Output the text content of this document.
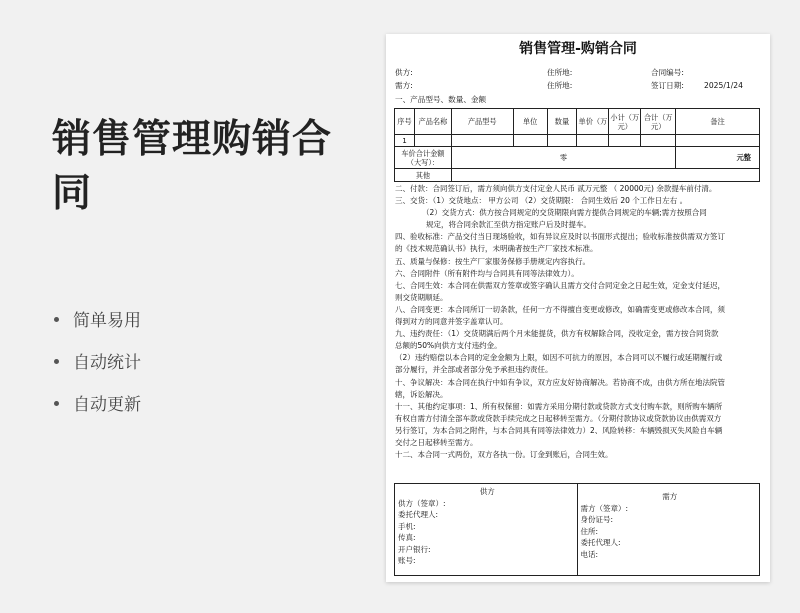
销售管理购销合同
简单易用
自动统计
自动更新
销售管理-购销合同
供方:	住所地:	合同编号:
需方:	住所地:	签订日期:	2025/1/24
一、产品型号、数量、金额
序号	产品名称	产品型号	单位	数量	单价（万	小计（万元）	合计（万元）	备注
1								
车价合计金额（大写）：		零						元整
其他								

二、付款：合同签订后，需方须向供方支付定金人民币 贰万元整 （ 20000元) 余款提车前付清。

三、交货：（1）交货地点： 甲方公司 （2）交货期限： 合同生效后 20 个工作日左右 。

（2）交货方式：供方按合同规定的交货期限向需方提供合同规定的车辆;需方按照合同

规定，将合同余款汇至供方指定账户后及时提车。

四、验收标准：产品交付当日现场验收，如有异议应及时以书面形式提出；验收标准按供需双方签订

的《技术规范确认书》执行，未明确者按生产厂家技术标准。

五、质量与保修：按生产厂家服务保修手册规定内容执行。

六、合同附件（所有附件均与合同具有同等法律效力）。

七、合同生效：本合同在供需双方签章或签字确认且需方交付合同定金之日起生效，定金支付延迟，

则交货期顺延。

八、合同变更：本合同所订一切条款，任何一方不得擅自变更或修改，如确需变更或修改本合同，须

得到对方的同意并签字盖章认可。

九、违约责任：（1）交货期满后两个月未能提货，供方有权解除合同，没收定金，需方按合同货款

总额的50%向供方支付违约金。

（2）违约赔偿以本合同的定金金额为上限，如因不可抗力的原因，本合同可以不履行或延期履行或

部分履行，并全部或者部分免予承担违约责任。

十、争议解决：本合同在执行中如有争议，双方应友好协商解决。若协商不成，由供方所在地法院管

辖，诉讼解决。

十一、其他约定事项：1、所有权保留：如需方采用分期付款或贷款方式支付购车款，则所购车辆所

有权自需方付清全部车款或贷款手续完成之日起移转至需方。（分期付款协议或贷款协议由供需双方

另行签订，为本合同之附件，与本合同具有同等法律效力）2、风险转移：车辆毁损灭失风险自车辆

交付之日起移转至需方。

十二、本合同一式两份，双方各执一份。订金到账后，合同生效。

供方
供方（签章）:
委托代理人:
手机:
传真:
开户银行:
账号:
需方
需方（签章）:
身份证号:
住所:
委托代理人:
电话:
